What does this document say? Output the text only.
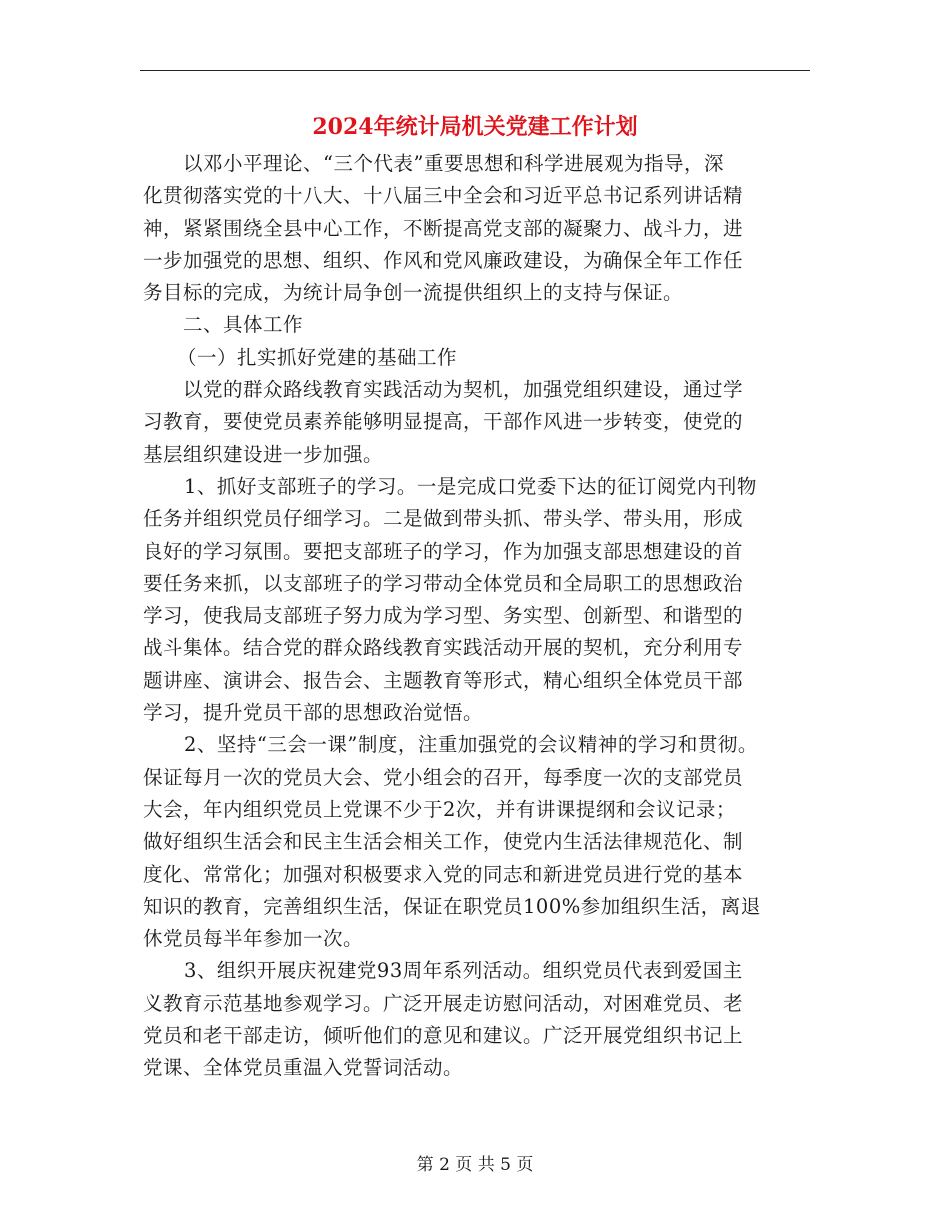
2024年统计局机关党建工作计划
以邓小平理论、“三个代表”重要思想和科学进展观为指导，深
化贯彻落实党的十八大、十八届三中全会和习近平总书记系列讲话精
神，紧紧围绕全县中心工作，不断提高党支部的凝聚力、战斗力，进
一步加强党的思想、组织、作风和党风廉政建设，为确保全年工作任
务目标的完成，为统计局争创一流提供组织上的支持与保证。
二、具体工作
（一）扎实抓好党建的基础工作
以党的群众路线教育实践活动为契机，加强党组织建设，通过学
习教育，要使党员素养能够明显提高，干部作风进一步转变，使党的
基层组织建设进一步加强。
1、抓好支部班子的学习。一是完成口党委下达的征订阅党内刊物
任务并组织党员仔细学习。二是做到带头抓、带头学、带头用，形成
良好的学习氛围。要把支部班子的学习，作为加强支部思想建设的首
要任务来抓，以支部班子的学习带动全体党员和全局职工的思想政治
学习，使我局支部班子努力成为学习型、务实型、创新型、和谐型的
战斗集体。结合党的群众路线教育实践活动开展的契机，充分利用专
题讲座、演讲会、报告会、主题教育等形式，精心组织全体党员干部
学习，提升党员干部的思想政治觉悟。
2、坚持“三会一课”制度，注重加强党的会议精神的学习和贯彻。
保证每月一次的党员大会、党小组会的召开，每季度一次的支部党员
大会，年内组织党员上党课不少于2次，并有讲课提纲和会议记录；
做好组织生活会和民主生活会相关工作，使党内生活法律规范化、制
度化、常常化；加强对积极要求入党的同志和新进党员进行党的基本
知识的教育，完善组织生活，保证在职党员100%参加组织生活，离退
休党员每半年参加一次。
3、组织开展庆祝建党93周年系列活动。组织党员代表到爱国主
义教育示范基地参观学习。广泛开展走访慰问活动，对困难党员、老
党员和老干部走访，倾听他们的意见和建议。广泛开展党组织书记上
党课、全体党员重温入党誓词活动。
第 2 页 共 5 页
